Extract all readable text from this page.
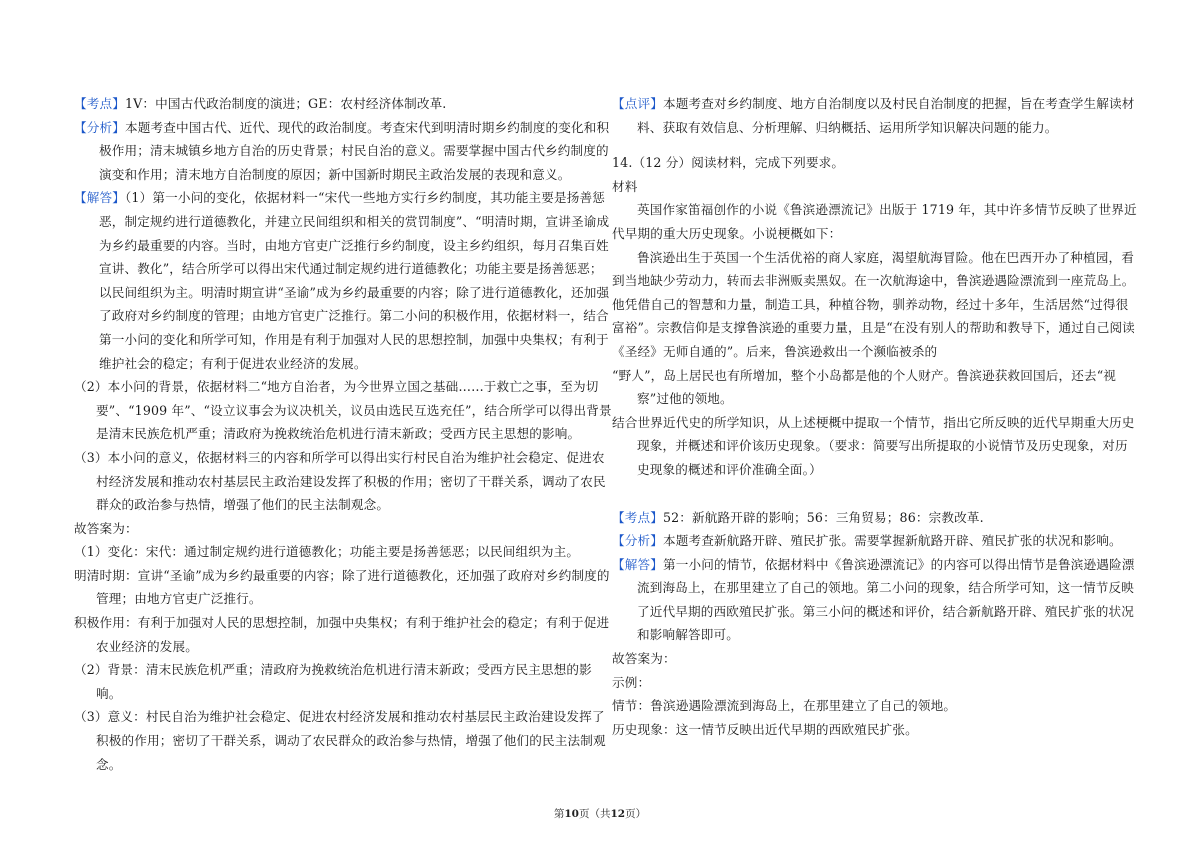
【考点】1V：中国古代政治制度的演进；GE：农村经济体制改革.

【分析】本题考查中国古代、近代、现代的政治制度。考查宋代到明清时期乡约制度的变化和积极作用；清末城镇乡地方自治的历史背景；村民自治的意义。需要掌握中国古代乡约制度的演变和作用；清末地方自治制度的原因；新中国新时期民主政治发展的表现和意义。

【解答】（1）第一小问的变化，依据材料一“宋代一些地方实行乡约制度，其功能主要是扬善惩恶，制定规约进行道德教化，并建立民间组织和相关的赏罚制度”、“明清时期，宣讲圣谕成为乡约最重要的内容。当时，由地方官吏广泛推行乡约制度，设主乡约组织，每月召集百姓宣讲、教化”，结合所学可以得出宋代通过制定规约进行道德教化；功能主要是扬善惩恶；以民间组织为主。明清时期宣讲“圣谕”成为乡约最重要的内容；除了进行道德教化，还加强了政府对乡约制度的管理；由地方官吏广泛推行。第二小问的积极作用，依据材料一，结合第一小问的变化和所学可知，作用是有利于加强对人民的思想控制，加强中央集权；有利于维护社会的稳定；有利于促进农业经济的发展。

（2）本小问的背景，依据材料二“地方自治者，为今世界立国之基础……于救亡之事，至为切要”、“1909 年”、“设立议事会为议决机关，议员由选民互选充任”，结合所学可以得出背景是清末民族危机严重；清政府为挽救统治危机进行清末新政；受西方民主思想的影响。

（3）本小问的意义，依据材料三的内容和所学可以得出实行村民自治为维护社会稳定、促进农村经济发展和推动农村基层民主政治建设发挥了积极的作用；密切了干群关系，调动了农民群众的政治参与热情，增强了他们的民主法制观念。

故答案为：

（1）变化：宋代：通过制定规约进行道德教化；功能主要是扬善惩恶；以民间组织为主。

明清时期：宣讲“圣谕”成为乡约最重要的内容；除了进行道德教化，还加强了政府对乡约制度的管理；由地方官吏广泛推行。

积极作用：有利于加强对人民的思想控制，加强中央集权；有利于维护社会的稳定；有利于促进农业经济的发展。

（2）背景：清末民族危机严重；清政府为挽救统治危机进行清末新政；受西方民主思想的影响。

（3）意义：村民自治为维护社会稳定、促进农村经济发展和推动农村基层民主政治建设发挥了积极的作用；密切了干群关系，调动了农民群众的政治参与热情，增强了他们的民主法制观念。

【点评】本题考查对乡约制度、地方自治制度以及村民自治制度的把握，旨在考查学生解读材料、获取有效信息、分析理解、归纳概括、运用所学知识解决问题的能力。

14.（12 分）阅读材料，完成下列要求。

材料

英国作家笛福创作的小说《鲁滨逊漂流记》出版于 1719 年，其中许多情节反映了世界近代早期的重大历史现象。小说梗概如下：

鲁滨逊出生于英国一个生活优裕的商人家庭，渴望航海冒险。他在巴西开办了种植园，看到当地缺少劳动力，转而去非洲贩卖黑奴。在一次航海途中，鲁滨逊遇险漂流到一座荒岛上。他凭借自己的智慧和力量，制造工具，种植谷物，驯养动物，经过十多年，生活居然“过得很富裕”。宗教信仰是支撑鲁滨逊的重要力量，且是“在没有别人的帮助和教导下，通过自己阅读《圣经》无师自通的”。后来，鲁滨逊救出一个濒临被杀的

“野人”，岛上居民也有所增加，整个小岛都是他的个人财产。鲁滨逊获救回国后，还去“视察”过他的领地。

结合世界近代史的所学知识，从上述梗概中提取一个情节，指出它所反映的近代早期重大历史现象，并概述和评价该历史现象。（要求：简要写出所提取的小说情节及历史现象，对历史现象的概述和评价准确全面。）

【考点】52：新航路开辟的影响；56：三角贸易；86：宗教改革.

【分析】本题考查新航路开辟、殖民扩张。需要掌握新航路开辟、殖民扩张的状况和影响。

【解答】第一小问的情节，依据材料中《鲁滨逊漂流记》的内容可以得出情节是鲁滨逊遇险漂流到海岛上，在那里建立了自己的领地。第二小问的现象，结合所学可知，这一情节反映了近代早期的西欧殖民扩张。第三小问的概述和评价，结合新航路开辟、殖民扩张的状况和影响解答即可。

故答案为：

示例：

情节：鲁滨逊遇险漂流到海岛上，在那里建立了自己的领地。

历史现象：这一情节反映出近代早期的西欧殖民扩张。

第10页（共12页）
